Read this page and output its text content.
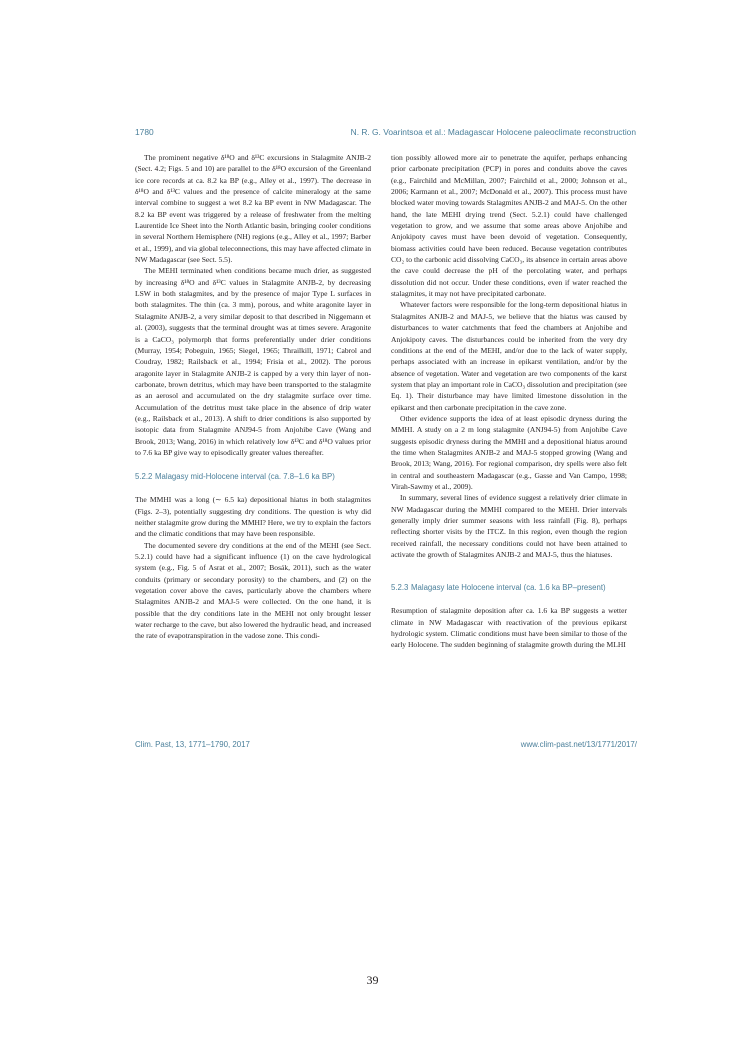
1780	N. R. G. Voarintsoa et al.: Madagascar Holocene paleoclimate reconstruction

The prominent negative δ¹⁸O and δ¹³C excursions in Stalagmite ANJB-2 (Sect. 4.2; Figs. 5 and 10) are parallel to the δ¹⁸O excursion of the Greenland ice core records at ca. 8.2 ka BP (e.g., Alley et al., 1997). The decrease in δ¹⁸O and δ¹³C values and the presence of calcite mineralogy at the same interval combine to suggest a wet 8.2 ka BP event in NW Madagascar. The 8.2 ka BP event was triggered by a release of freshwater from the melting Laurentide Ice Sheet into the North Atlantic basin, bringing cooler conditions in several Northern Hemisphere (NH) regions (e.g., Alley et al., 1997; Barber et al., 1999), and via global teleconnections, this may have affected climate in NW Madagascar (see Sect. 5.5).

The MEHI terminated when conditions became much drier, as suggested by increasing δ¹⁸O and δ¹³C values in Stalagmite ANJB-2, by decreasing LSW in both stalagmites, and by the presence of major Type L surfaces in both stalagmites. The thin (ca. 3 mm), porous, and white aragonite layer in Stalagmite ANJB-2, a very similar deposit to that described in Niggemann et al. (2003), suggests that the terminal drought was at times severe. Aragonite is a CaCO₃ polymorph that forms preferentially under drier conditions (Murray, 1954; Pobeguin, 1965; Siegel, 1965; Thrailkill, 1971; Cabrol and Coudray, 1982; Railsback et al., 1994; Frisia et al., 2002). The porous aragonite layer in Stalagmite ANJB-2 is capped by a very thin layer of non-carbonate, brown detritus, which may have been transported to the stalagmite as an aerosol and accumulated on the dry stalagmite surface over time. Accumulation of the detritus must take place in the absence of drip water (e.g., Railsback et al., 2013). A shift to drier conditions is also supported by isotopic data from Stalagmite ANJ94-5 from Anjohibe Cave (Wang and Brook, 2013; Wang, 2016) in which relatively low δ¹³C and δ¹⁸O values prior to 7.6 ka BP give way to episodically greater values thereafter.

5.2.2 Malagasy mid-Holocene interval (ca. 7.8–1.6 ka BP)

The MMHI was a long (∼ 6.5 ka) depositional hiatus in both stalagmites (Figs. 2–3), potentially suggesting dry conditions. The question is why did neither stalagmite grow during the MMHI? Here, we try to explain the factors and the climatic conditions that may have been responsible.

The documented severe dry conditions at the end of the MEHI (see Sect. 5.2.1) could have had a significant influence (1) on the cave hydrological system (e.g., Fig. 5 of Asrat et al., 2007; Bosák, 2011), such as the water conduits (primary or secondary porosity) to the chambers, and (2) on the vegetation cover above the caves, particularly above the chambers where Stalagmites ANJB-2 and MAJ-5 were collected. On the one hand, it is possible that the dry conditions late in the MEHI not only brought lesser water recharge to the cave, but also lowered the hydraulic head, and increased the rate of evapotranspiration in the vadose zone. This condi-

tion possibly allowed more air to penetrate the aquifer, perhaps enhancing prior carbonate precipitation (PCP) in pores and conduits above the caves (e.g., Fairchild and McMillan, 2007; Fairchild et al., 2000; Johnson et al., 2006; Karmann et al., 2007; McDonald et al., 2007). This process must have blocked water moving towards Stalagmites ANJB-2 and MAJ-5. On the other hand, the late MEHI drying trend (Sect. 5.2.1) could have challenged vegetation to grow, and we assume that some areas above Anjohibe and Anjokipoty caves must have been devoid of vegetation. Consequently, biomass activities could have been reduced. Because vegetation contributes CO₂ to the carbonic acid dissolving CaCO₃, its absence in certain areas above the cave could decrease the pH of the percolating water, and perhaps dissolution did not occur. Under these conditions, even if water reached the stalagmites, it may not have precipitated carbonate.

Whatever factors were responsible for the long-term depositional hiatus in Stalagmites ANJB-2 and MAJ-5, we believe that the hiatus was caused by disturbances to water catchments that feed the chambers at Anjohibe and Anjokipoty caves. The disturbances could be inherited from the very dry conditions at the end of the MEHI, and/or due to the lack of water supply, perhaps associated with an increase in epikarst ventilation, and/or by the absence of vegetation. Water and vegetation are two components of the karst system that play an important role in CaCO₃ dissolution and precipitation (see Eq. 1). Their disturbance may have limited limestone dissolution in the epikarst and then carbonate precipitation in the cave zone.

Other evidence supports the idea of at least episodic dryness during the MMHI. A study on a 2 m long stalagmite (ANJ94-5) from Anjohibe Cave suggests episodic dryness during the MMHI and a depositional hiatus around the time when Stalagmites ANJB-2 and MAJ-5 stopped growing (Wang and Brook, 2013; Wang, 2016). For regional comparison, dry spells were also felt in central and southeastern Madagascar (e.g., Gasse and Van Campo, 1998; Virah-Sawmy et al., 2009).

In summary, several lines of evidence suggest a relatively drier climate in NW Madagascar during the MMHI compared to the MEHI. Drier intervals generally imply drier summer seasons with less rainfall (Fig. 8), perhaps reflecting shorter visits by the ITCZ. In this region, even though the region received rainfall, the necessary conditions could not have been attained to activate the growth of Stalagmites ANJB-2 and MAJ-5, thus the hiatuses.

5.2.3 Malagasy late Holocene interval (ca. 1.6 ka BP–present)

Resumption of stalagmite deposition after ca. 1.6 ka BP suggests a wetter climate in NW Madagascar with reactivation of the previous epikarst hydrologic system. Climatic conditions must have been similar to those of the early Holocene. The sudden beginning of stalagmite growth during the MLHI

Clim. Past, 13, 1771–1790, 2017	www.clim-past.net/13/1771/2017/
39
